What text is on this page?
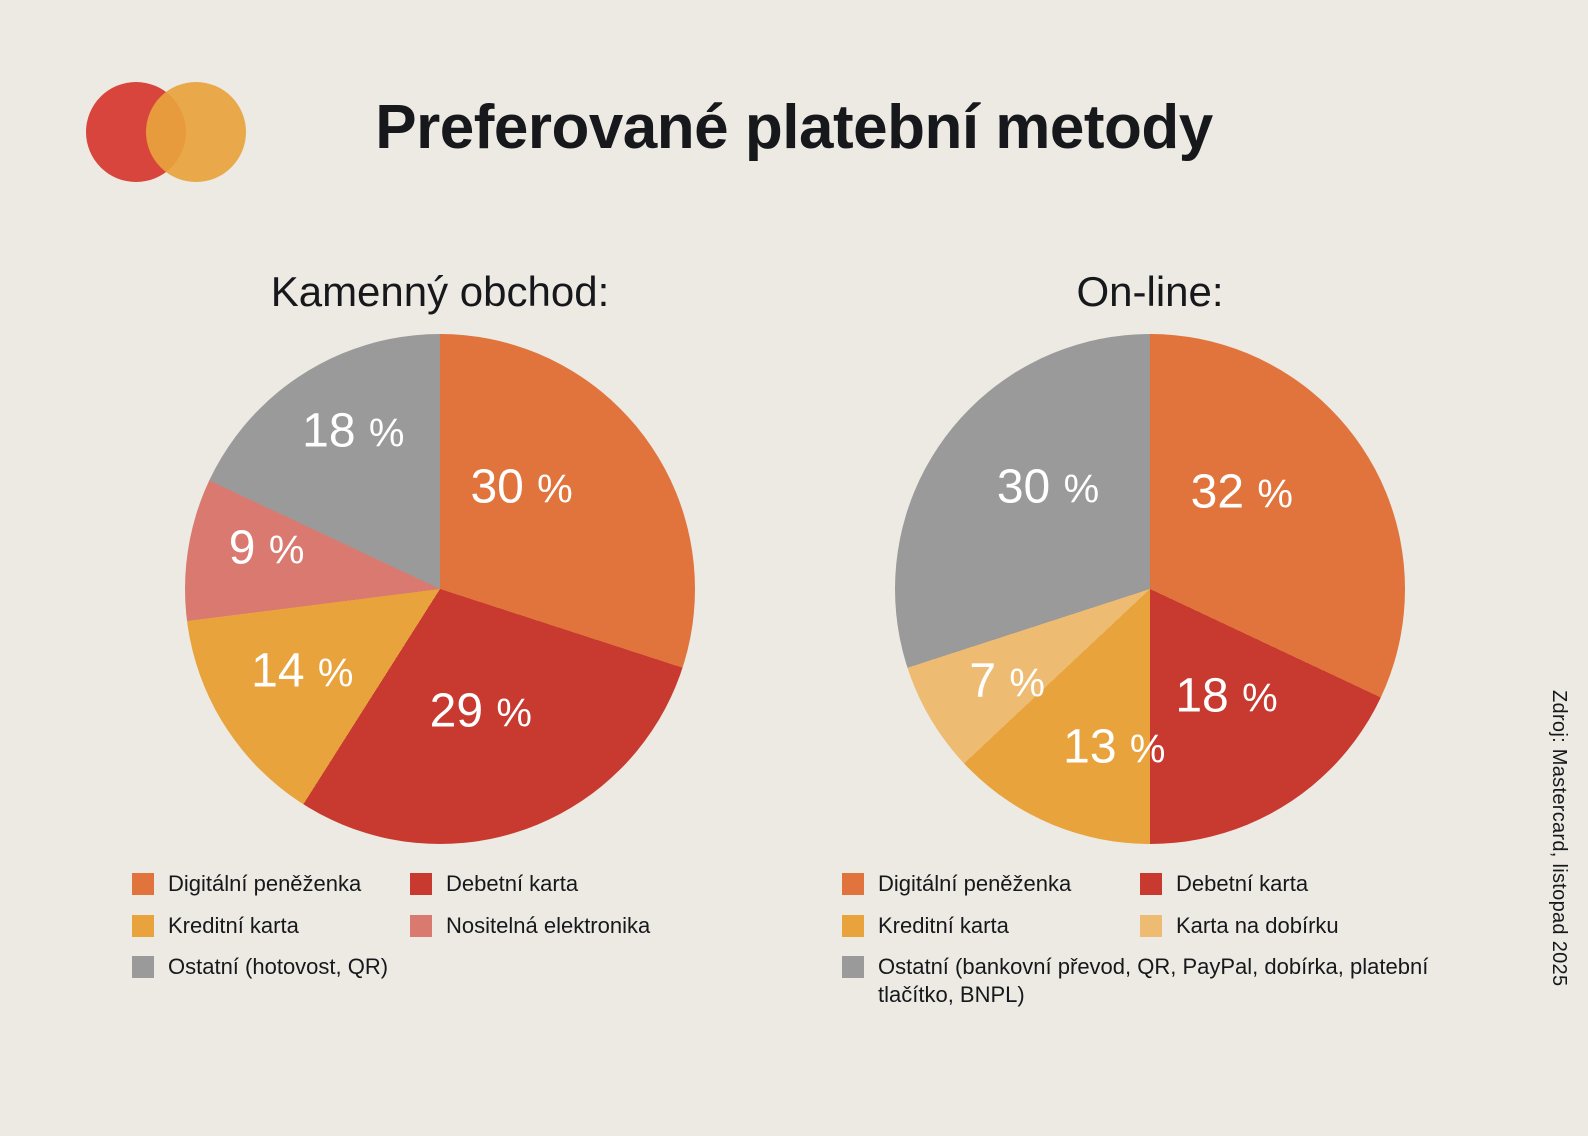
Preferované platební metody
Kamenný obchod:
30 %
29 %
14 %
9 %
18 %
Digitální peněženka	Debetní karta
Kreditní karta	Nositelná elektronika
Ostatní (hotovost, QR)
On-line:
32 %
18 %
13 %
7 %
30 %
Digitální peněženka	Debetní karta
Kreditní karta	Karta na dobírku
Ostatní (bankovní převod, QR, PayPal, dobírka, platební tlačítko, BNPL)
Zdroj: Mastercard, listopad 2025
